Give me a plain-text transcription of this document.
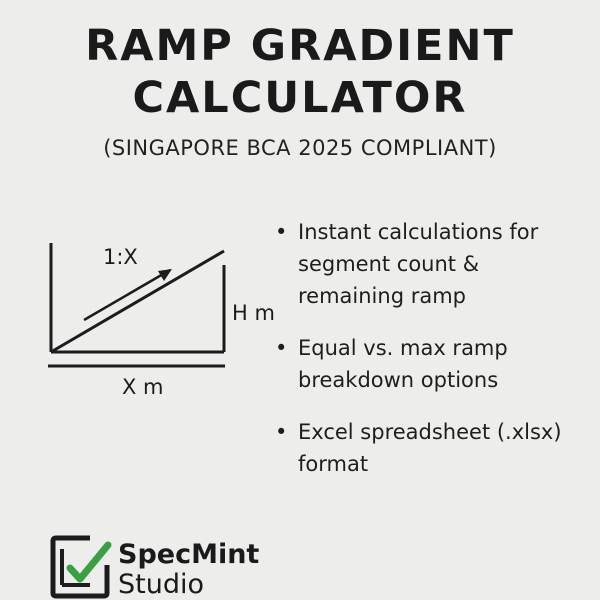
RAMP GRADIENT
CALCULATOR
(SINGAPORE BCA 2025 COMPLIANT)
1:X
H m
X m
• Instant calculations for segment count & remaining ramp
• Equal vs. max ramp breakdown options
• Excel spreadsheet (.xlsx) format
SpecMint
Studio
